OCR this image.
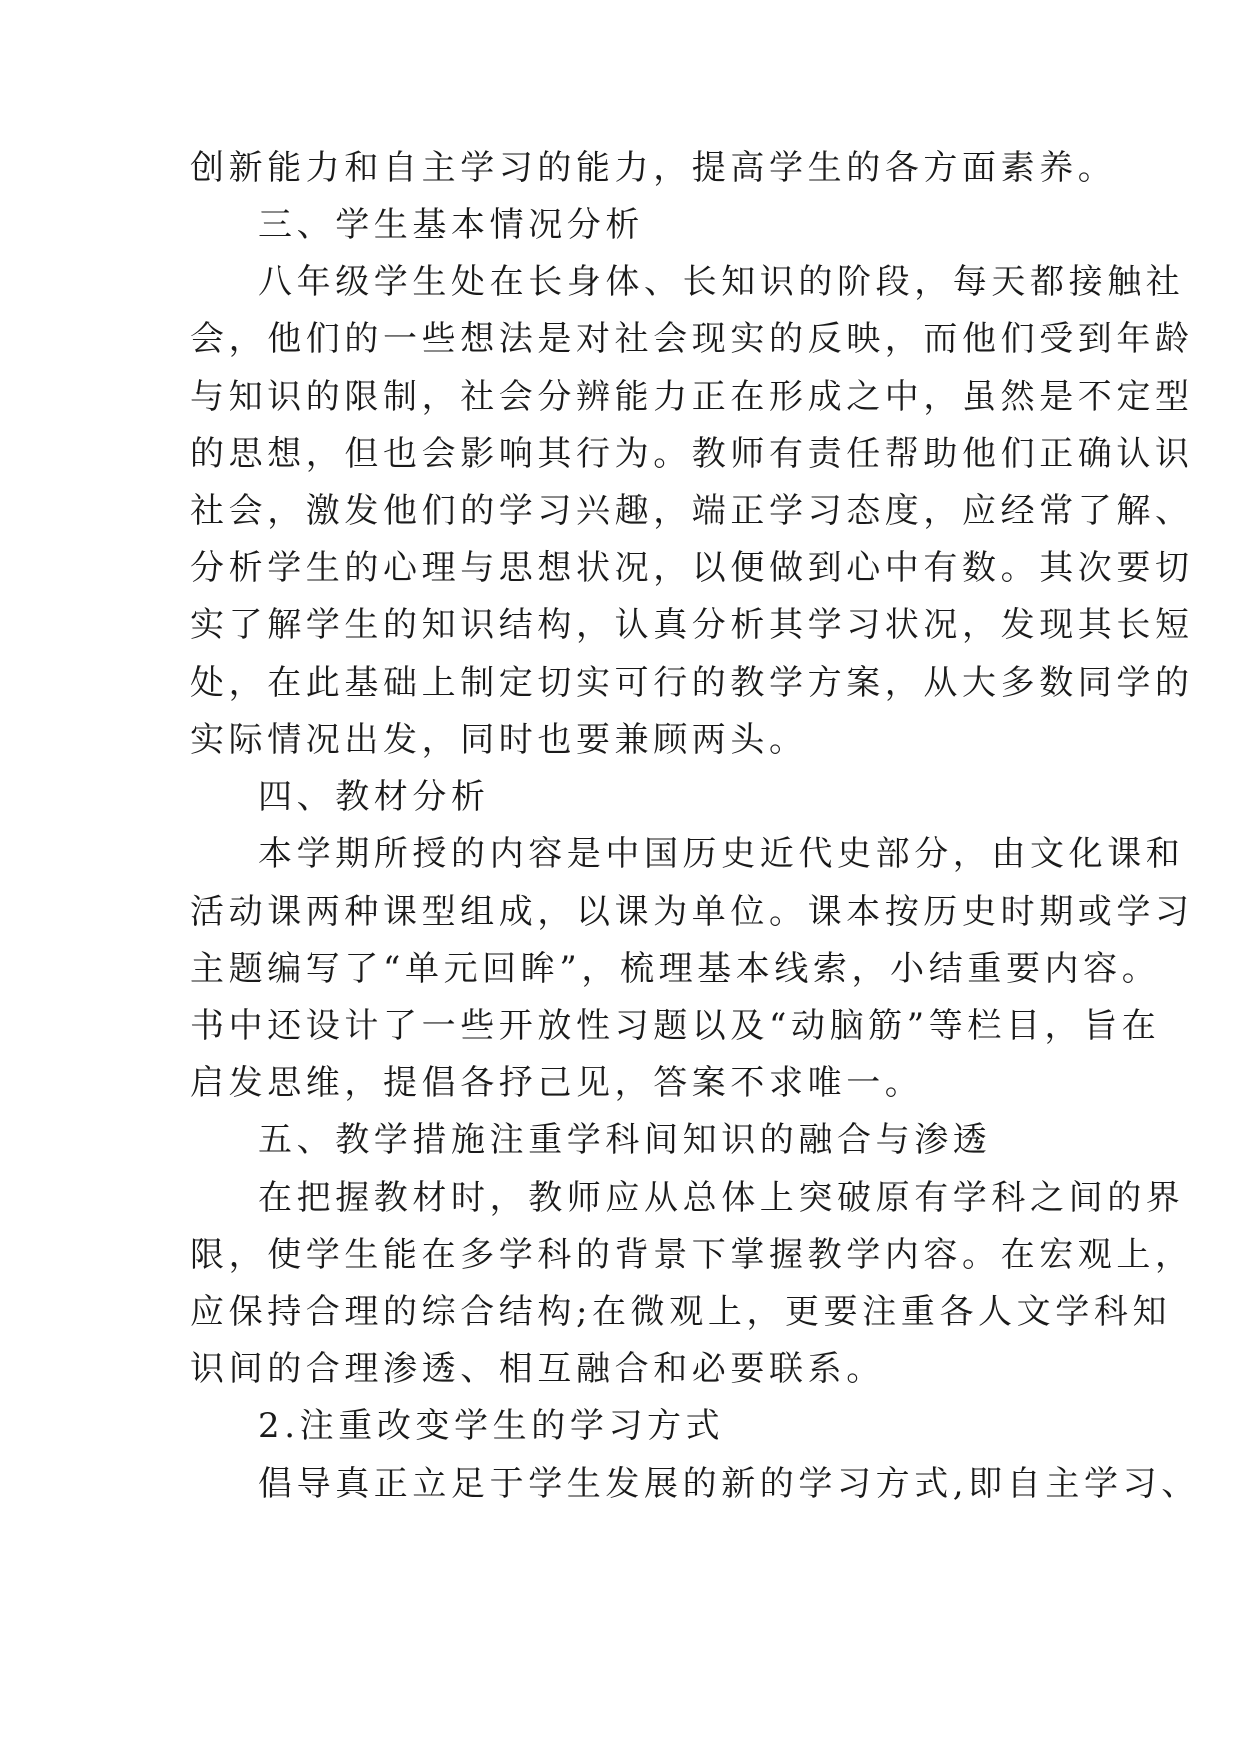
创新能力和自主学习的能力，提高学生的各方面素养。
三、学生基本情况分析
八年级学生处在长身体、长知识的阶段，每天都接触社
会，他们的一些想法是对社会现实的反映，而他们受到年龄
与知识的限制，社会分辨能力正在形成之中，虽然是不定型
的思想，但也会影响其行为。教师有责任帮助他们正确认识
社会，激发他们的学习兴趣，端正学习态度，应经常了解、
分析学生的心理与思想状况，以便做到心中有数。其次要切
实了解学生的知识结构，认真分析其学习状况，发现其长短
处，在此基础上制定切实可行的教学方案，从大多数同学的
实际情况出发，同时也要兼顾两头。
四、教材分析
本学期所授的内容是中国历史近代史部分，由文化课和
活动课两种课型组成，以课为单位。课本按历史时期或学习
主题编写了“单元回眸”，梳理基本线索，小结重要内容。
书中还设计了一些开放性习题以及“动脑筋”等栏目，旨在
启发思维，提倡各抒己见，答案不求唯一。
五、教学措施注重学科间知识的融合与渗透
在把握教材时，教师应从总体上突破原有学科之间的界
限，使学生能在多学科的背景下掌握教学内容。在宏观上，
应保持合理的综合结构;在微观上，更要注重各人文学科知
识间的合理渗透、相互融合和必要联系。
2.注重改变学生的学习方式
倡导真正立足于学生发展的新的学习方式,即自主学习、
